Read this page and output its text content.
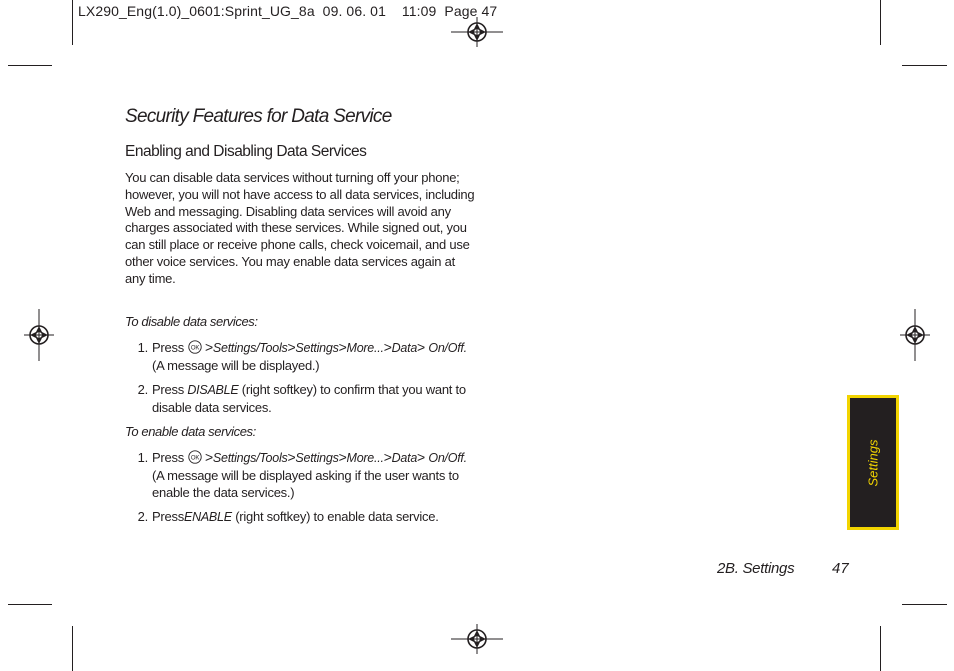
LX290_Eng(1.0)_0601:Sprint_UG_8a  09. 06. 01    11:09  Page 47
Security Features for Data Service
Enabling and Disabling Data Services
You can disable data services without turning off your phone; however, you will not have access to all data services, including Web and messaging. Disabling data services will avoid any charges associated with these services. While signed out, you can still place or receive phone calls, check voicemail, and use other voice services. You may enable data services again at any time.
To disable data services:
1. Press OK >Settings/Tools>Settings>More...>Data> On/Off. (A message will be displayed.)
2. Press DISABLE (right softkey) to confirm that you want to disable data services.
To enable data services:
1. Press OK >Settings/Tools>Settings>More...>Data> On/Off. (A message will be displayed asking if the user wants to enable the data services.)
2. PressENABLE (right softkey) to enable data service.
Settings
2B. Settings	47
